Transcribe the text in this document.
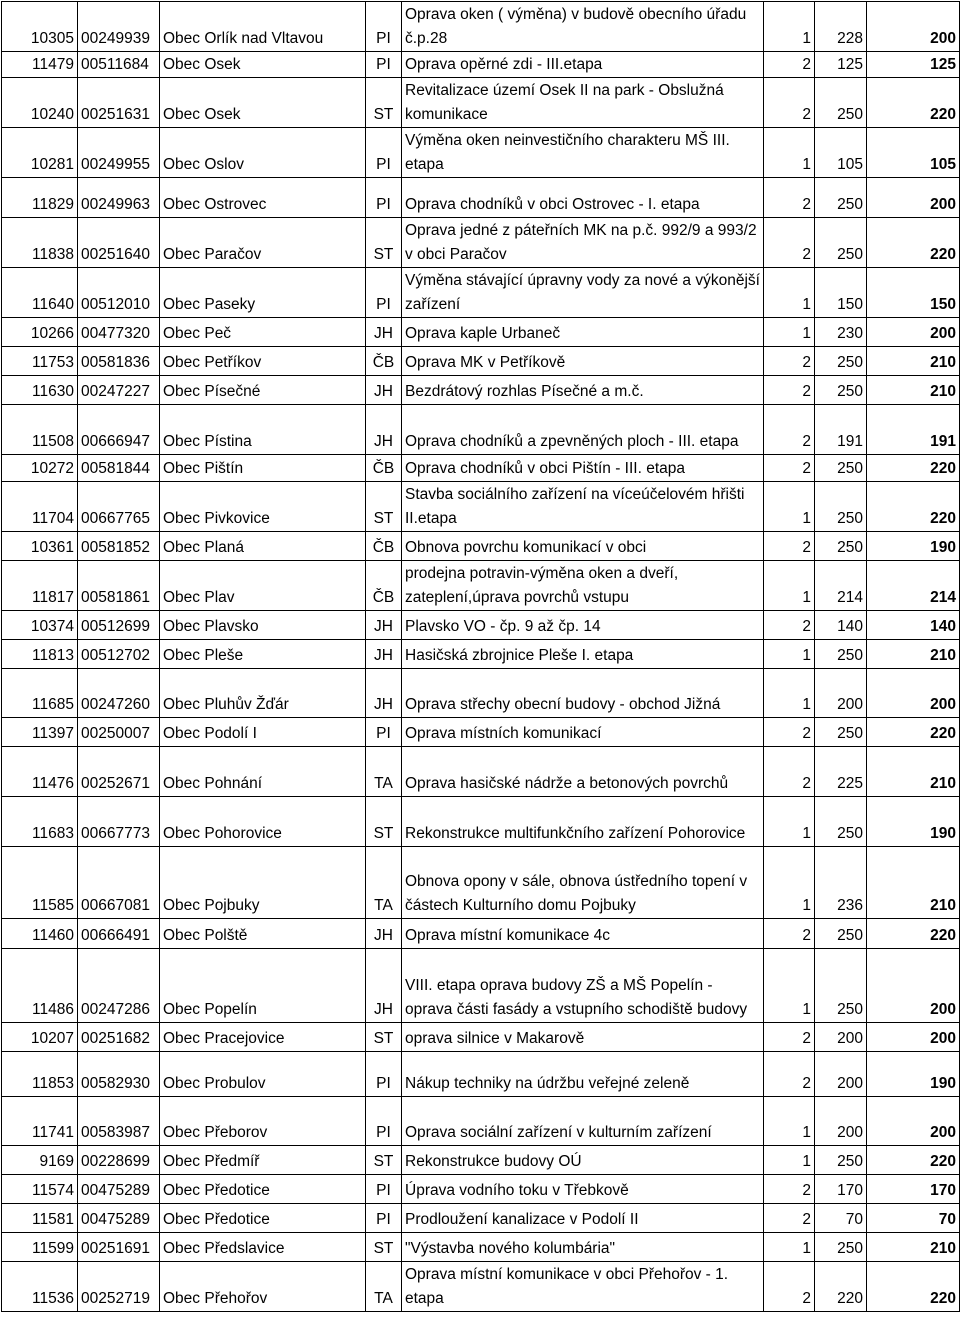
10305	00249939	Obec Orlík nad Vltavou	PI	Oprava oken ( výměna) v budově obecního úřadu č.p.28	1	228	200
11479	00511684	Obec Osek	PI	Oprava opěrné zdi - III.etapa	2	125	125
10240	00251631	Obec Osek	ST	Revitalizace území Osek II na park - Obslužná komunikace	2	250	220
10281	00249955	Obec Oslov	PI	Výměna oken neinvestičního charakteru MŠ III. etapa	1	105	105
11829	00249963	Obec Ostrovec	PI	Oprava chodníků v obci Ostrovec - I. etapa	2	250	200
11838	00251640	Obec Paračov	ST	Oprava jedné z páteřních MK na p.č. 992/9 a 993/2 v obci Paračov	2	250	220
11640	00512010	Obec Paseky	PI	Výměna stávající úpravny vody za nové a výkonější zařízení	1	150	150
10266	00477320	Obec Peč	JH	Oprava kaple Urbaneč	1	230	200
11753	00581836	Obec Petříkov	ČB	Oprava MK v Petříkově	2	250	210
11630	00247227	Obec Písečné	JH	Bezdrátový rozhlas Písečné a m.č.	2	250	210
11508	00666947	Obec Pístina	JH	Oprava chodníků a zpevněných ploch - III. etapa	2	191	191
10272	00581844	Obec Pištín	ČB	Oprava chodníků v obci Pištín - III. etapa	2	250	220
11704	00667765	Obec Pivkovice	ST	Stavba sociálního zařízení na víceúčelovém hřišti II.etapa	1	250	220
10361	00581852	Obec Planá	ČB	Obnova povrchu komunikací v obci	2	250	190
11817	00581861	Obec Plav	ČB	prodejna potravin-výměna oken a dveří, zateplení,úprava povrchů vstupu	1	214	214
10374	00512699	Obec Plavsko	JH	Plavsko VO - čp. 9 až čp. 14	2	140	140
11813	00512702	Obec Pleše	JH	Hasičská zbrojnice Pleše I. etapa	1	250	210
11685	00247260	Obec Pluhův Žďár	JH	Oprava střechy obecní budovy - obchod Jižná	1	200	200
11397	00250007	Obec Podolí I	PI	Oprava místních komunikací	2	250	220
11476	00252671	Obec Pohnání	TA	Oprava hasičské nádrže a betonových povrchů	2	225	210
11683	00667773	Obec Pohorovice	ST	Rekonstrukce multifunkčního zařízení Pohorovice	1	250	190
11585	00667081	Obec Pojbuky	TA	Obnova opony v sále, obnova ústředního topení v částech Kulturního domu Pojbuky	1	236	210
11460	00666491	Obec Polště	JH	Oprava místní komunikace 4c	2	250	220
11486	00247286	Obec Popelín	JH	VIII. etapa oprava budovy ZŠ a MŠ Popelín - oprava části fasády a vstupního schodiště budovy	1	250	200
10207	00251682	Obec Pracejovice	ST	oprava silnice v Makarově	2	200	200
11853	00582930	Obec Probulov	PI	Nákup techniky na údržbu veřejné zeleně	2	200	190
11741	00583987	Obec Přeborov	PI	Oprava sociální zařízení v kulturním zařízení	1	200	200
9169	00228699	Obec Předmíř	ST	Rekonstrukce budovy OÚ	1	250	220
11574	00475289	Obec Předotice	PI	Úprava vodního toku v Třebkově	2	170	170
11581	00475289	Obec Předotice	PI	Prodloužení kanalizace v Podolí II	2	70	70
11599	00251691	Obec Předslavice	ST	"Výstavba nového kolumbária"	1	250	210
11536	00252719	Obec Přehořov	TA	Oprava místní komunikace v obci Přehořov - 1. etapa	2	220	220
